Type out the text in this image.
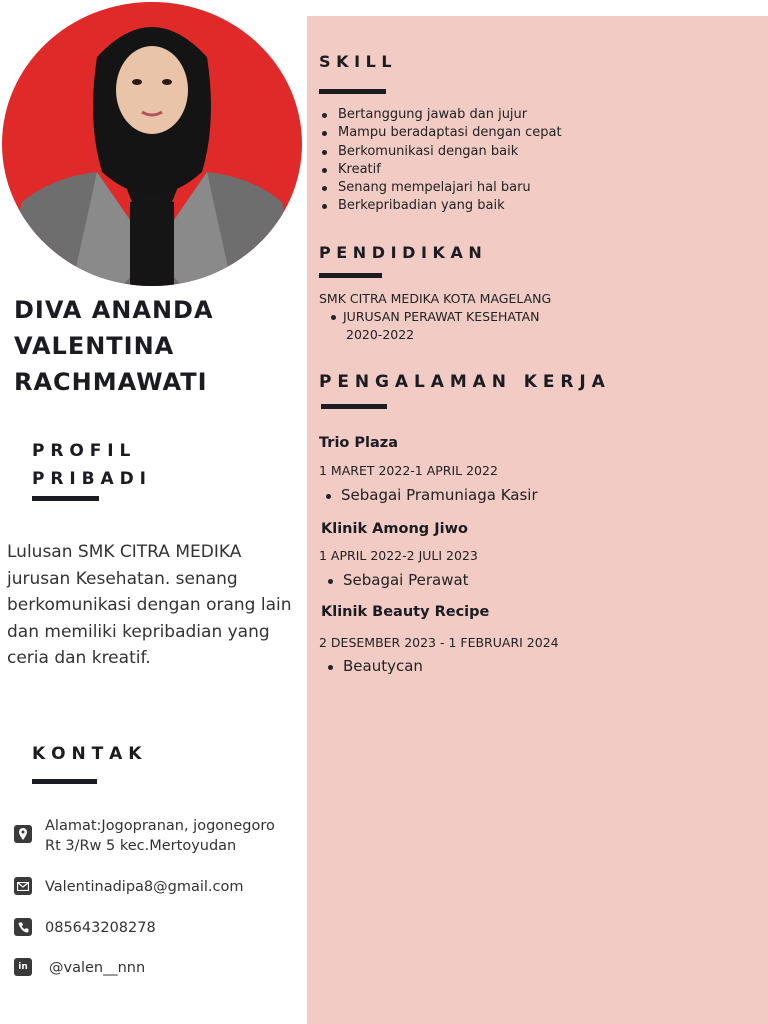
DIVA ANANDA
VALENTINA
RACHMAWATI
P R O F I L
P R I B A D I
Lulusan SMK CITRA MEDIKA jurusan Kesehatan. senang berkomunikasi dengan orang lain dan memiliki kepribadian yang ceria dan kreatif.
K O N T A K
Alamat:Jogopranan, jogonegoro
Rt 3/Rw 5 kec.Mertoyudan
Valentinadipa8@gmail.com
085643208278
in @valen__nnn
S K I L L
Bertanggung jawab dan jujur
Mampu beradaptasi dengan cepat
Berkomunikasi dengan baik
Kreatif
Senang mempelajari hal baru
Berkepribadian yang baik
P E N D I D I K A N
SMK CITRA MEDIKA KOTA MAGELANG
JURUSAN PERAWAT KESEHATAN
2020-2022
P E N G A L A M A N   K E R J A
Trio Plaza
1 MARET 2022-1 APRIL 2022
Sebagai Pramuniaga Kasir
Klinik Among Jiwo
1 APRIL 2022-2 JULI 2023
Sebagai Perawat
Klinik Beauty Recipe
2 DESEMBER 2023 - 1 FEBRUARI 2024
Beautycan
